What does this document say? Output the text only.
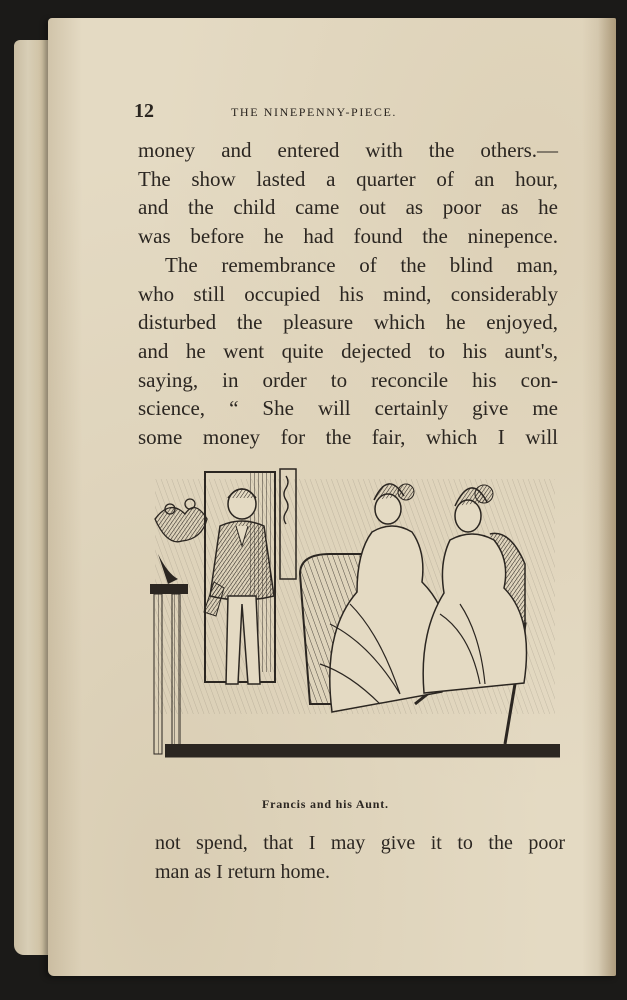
12	THE NINEPENNY-PIECE.
money and entered with the others.—
The show lasted a quarter of an hour,
and the child came out as poor as he
was before he had found the ninepence.
The remembrance of the blind man,
who still occupied his mind, considerably
disturbed the pleasure which he enjoyed,
and he went quite dejected to his aunt's,
saying, in order to reconcile his con-
science, “ She will certainly give me
some money for the fair, which I will
Francis and his Aunt.
not spend, that I may give it to the poor
man as I return home.
